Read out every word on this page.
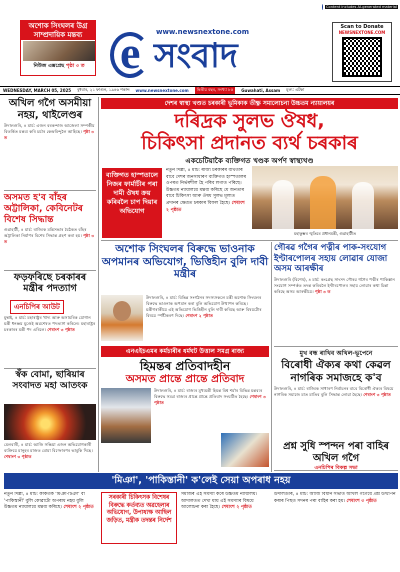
অশোক সিংঘলৰ উগ্ৰ সাম্প্ৰদায়িক মন্তব্য
নিউজ এক্সপ্ৰেছ পৃষ্ঠা ৩ ত
www.newsnextone.com
e সংবাদ
Content includes AI-generated material
Scan to Donate
NEWSNEXTONE.COM
WEDNESDAY, MARCH 05, 2025 বুধবাৰ, ২১ ফাগুন, ১৯৪৬ শকাব্দ www.newsnextone.com	দ্বিতীয় বছৰ, সংখ্যা ৮৫	Guwahati, Assam মূল্য: এটকা
অখিল গগৈ অসমীয়া নহয়, থাইলেণ্ডৰ
উদালগুৰি, ৪ মাৰ্চ: এজন বৰকন্দাজ আজেলা সম্পৰ্কীয় বিতৰ্কিত মন্তব্য কৰি চৰ্চাৰ কেন্দ্ৰবিন্দুলৈ আহিছে। পৃষ্ঠা ৩ ত
অসমত হ'ব বাঁহৰ অট্টালিকা, কেবিনেটৰ বিশেষ সিদ্ধান্ত
গুৱাহাটী, ৪ মাৰ্চ: ৰাজ্যিক মন্ত্ৰিসভাৰ বৈঠকত বাঁহৰ অট্টালিকা নিৰ্মাণৰ বিশেষ সিদ্ধান্ত গ্ৰহণ কৰা হয়। পৃষ্ঠা ৩ ত
ফড়ফৰিছে চৰকাৰৰ মন্ত্ৰীৰ পদত্যাগ
এনচিপিৰ আউট
মুম্বাই, ৪ মাৰ্চ: মহাৰাষ্ট্ৰৰ খাদ্য আৰু অসামৰিক যোগান মন্ত্ৰী ধনঞ্জয় মুণ্ডেই অৱশেষত পদত্যাগ কৰিলে। মহাৰাষ্ট্ৰৰ চৰকাৰৰ মন্ত্ৰী পদ এৰিলে। শেষাংশ ৩ পৃষ্ঠাত
স্বঁক বোমা, ছাৰিয়াৰ সংবাদত মহা আতংক
মেলবাৰী, ৪ মাৰ্চ: আজি সন্ধিয়া এজন অভিযোগকাৰী ব্যক্তিয়ে মানুহৰ মাজত বোমা বিস্ফোৰণৰ ভাবুকি দিছে। শেষাংশ ৩ পৃষ্ঠাত
দেশৰ স্বাস্থ্য খণ্ডত চৰকাৰী ভূমিকাক তীক্ষ্ণ সমালোচনা উচ্চতম ন্যায়ালয়ৰ
দৰিদ্ৰক সুলভ ঔষধ,
চিকিৎসা প্ৰদানত ব্যৰ্থ চৰকাৰ
একচেটিয়াকৈ ব্যক্তিগত খণ্ডক অৰ্পণ স্বাস্থ্যখণ্ড
ব্যক্তিগত হাস্পতালে নিজৰ ফাৰ্মাচীৰ পৰা দামী ঔষধ ক্ৰয় কৰিবলৈ চাপ দিয়াৰ অভিযোগ
নতুন দিল্লী, ৪ মাৰ্চ: ৰাজ্য চৰকাৰৰ ব্যৰ্থতাৰ বাবে দেশৰ জনসাধাৰণ ব্যক্তিগত হাস্পতালৰ ওপৰত নিৰ্ভৰশীল হৈ পৰিব লগাত পৰিছে। উচ্চতম ন্যায়ালয়ে মন্তব্য কৰিছে যে জনতাৰ বাবে চিকিৎসা আৰু ঔষধ সুলভ মূল্যত প্ৰদানৰ ক্ষেত্ৰত চৰকাৰ বিফল হৈছে। শেষাংশ ২ পৃষ্ঠাত
মহাকুম্ভৰ স্মৃতিৰে প্ৰধানমন্ত্ৰী, গুৱাহাটীত
অশোক সিংঘলৰ বিৰুদ্ধে ভাওনাক অপমানৰ অভিযোগ, ভিত্তিহীন বুলি দাবী মন্ত্ৰীৰ
উদালগুৰি, ৪ মাৰ্চ: বিভিন্ন সংগঠনৰ সদস্যসকলে মন্ত্ৰী অশোক সিংঘলৰ বিৰুদ্ধে ভাওনাক অপমান কৰা বুলি অভিযোগ উত্থাপন কৰিছে। মন্ত্ৰীগৰাকীয়ে এই অভিযোগ ভিত্তিহীন বুলি দাবী কৰিছে আৰু বিষয়টোৰ বিষয়ে স্পষ্টীকৰণ দিছে। শেষাংশ ২ পৃষ্ঠাত
গৌৰৱ গগৈৰ পত্নীৰ পাক-সংযোগ ইণ্টাৰপোলৰ সহায় লোৱাৰ যোজা অসম আৰক্ষীৰ
উদালগুৰি (বিশেষ), ৪ মাৰ্চ: কংগ্ৰেছ সাংসদ গৌৰৱ গগৈৰ পত্নীৰ পাকিস্তান সংযোগ সম্পৰ্কত তদন্ত কৰিবলৈ ইণ্টাৰপোলৰ সহায় লোৱাৰ কথা চিন্তা কৰিছে অসম আৰক্ষীয়ে। পৃষ্ঠা ৩ ত
মুখ বন্ধ ৰাখিব অখিল-ভূপেনে
বিৰোধী ঐক্যৰ কথা কেৱল নাগৰিক সমাজহে ক'ব
উদালগুৰি, ৪ মাৰ্চ: ৰাজ্যিক সাধাৰণ নিৰ্বাচনৰ বাবে বিৰোধী ঐক্যৰ বিষয়ে নাগৰিক সমাজে মাত মাতিব বুলি সিদ্ধান্ত লোৱা হৈছে। শেষাংশ ৩ পৃষ্ঠাত
এনএইচএমৰ কৰ্মচাৰীৰ ধৰ্মঘট উত্তাল সমগ্ৰ ৰাজ্য
হিমন্তৰ প্ৰতিবাদহীন
অসমত প্ৰান্তে প্ৰান্তে প্ৰতিবাদ
উদালগুৰি, ৪ মাৰ্চ: ৰাজ্যৰ মুখ্যমন্ত্ৰী হিমন্ত বিশ্ব শৰ্মাৰ বিভিন্ন মন্তব্যৰ বিৰুদ্ধে সমগ্ৰ ৰাজ্যৰ প্ৰান্তে প্ৰান্তে প্ৰতিবাদ সংঘটিত হৈছে। শেষাংশ ৩ পৃষ্ঠাত
প্ৰশ্ন সুধি স্পন্দন পৰা বাহিৰ অখিল গগৈ
এনচিপিৰ বিকল্প সভা
'মিঞা', 'পাকিস্তানী' ক'লেই সেয়া অপৰাধ নহয়
নতুন দিল্লী, ৪ মাৰ্চ: কাকতক 'মিঞা-টিঞা' বা 'পাকিস্তানী' বুলি কোৱাটো অপৰাধ নহয় বুলি উচ্চতম ন্যায়ালয়ে মন্তব্য কৰিছে। শেষাংশ ২ পৃষ্ঠাত
সৰকাৰী চিকিৎসক বিশেষৰ বিৰুদ্ধে কৰ্তব্যত অৱহেলাৰ অভিযোগ, উপাধ্যক্ষ আছিল জড়িত, মন্ত্ৰীক তদন্তৰ নিৰ্দেশ
সমাজৰ এই সমস্যা কৰে উচ্চতম ন্যায়ালয়। আদালতত দেখা যায় এই সমস্যাৰ বিষয়ে আলোচনা কৰা হৈছে। শেষাংশ ২ পৃষ্ঠাত
উদালগুৰি, ৪ মাৰ্চ: আজি বিধান সভাত অখিল গগৈয়ে প্ৰশ্ন উত্থাপন কৰাৰ পিছত সদনৰ পৰা বাহিৰ কৰা হয়। শেষাংশ ৩ পৃষ্ঠাত
